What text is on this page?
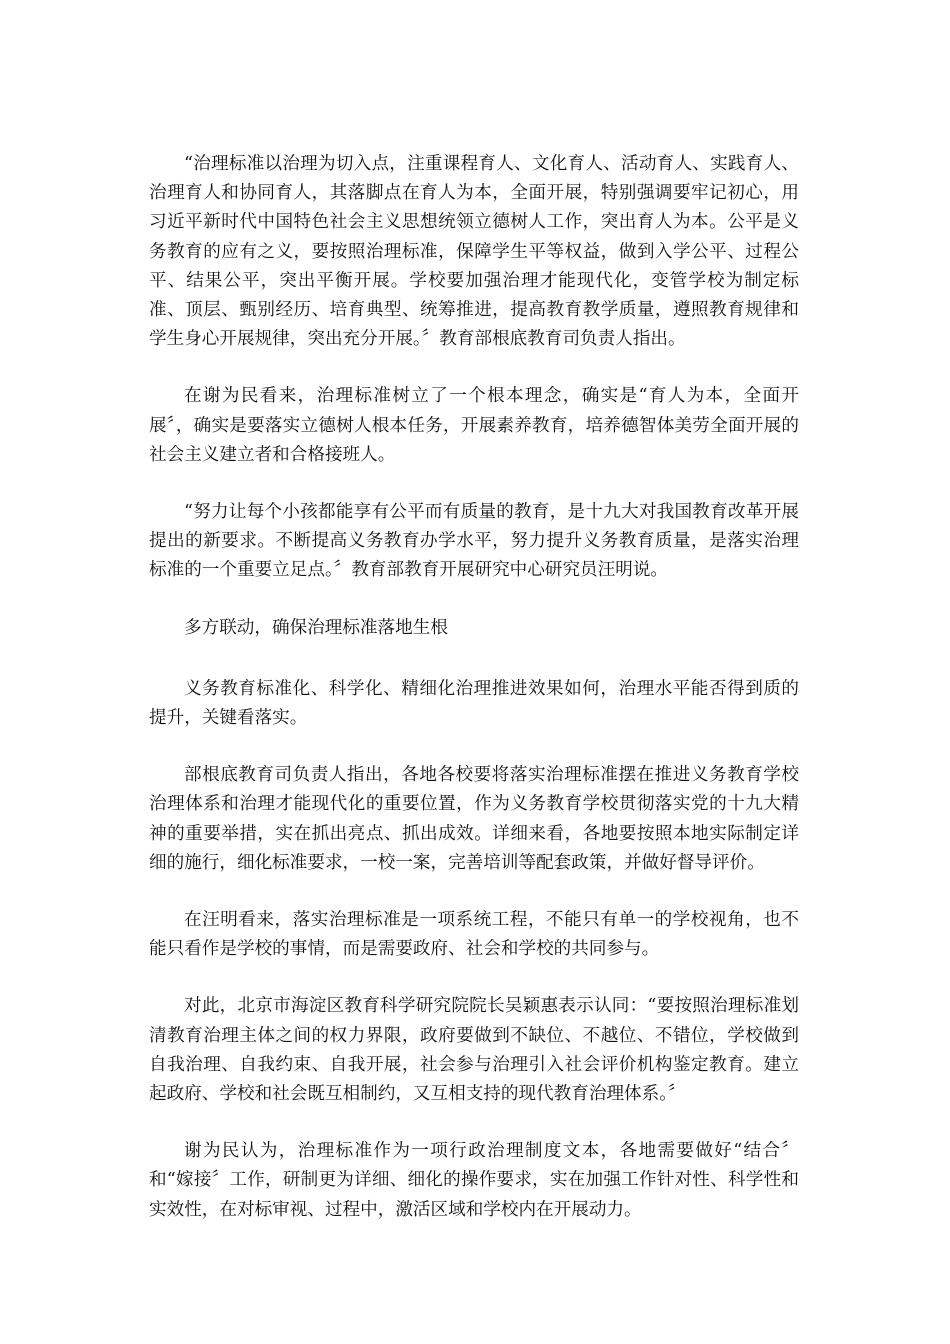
“治理标准以治理为切入点，注重课程育人、文化育人、活动育人、实践育人、治理育人和协同育人，其落脚点在育人为本，全面开展，特别强调要牢记初心，用习近平新时代中国特色社会主义思想统领立德树人工作，突出育人为本。公平是义务教育的应有之义，要按照治理标准，保障学生平等权益，做到入学公平、过程公平、结果公平，突出平衡开展。学校要加强治理才能现代化，变管学校为制定标准、顶层、甄别经历、培育典型、统筹推进，提高教育教学质量，遵照教育规律和学生身心开展规律，突出充分开展。〞教育部根底教育司负责人指出。

在谢为民看来，治理标准树立了一个根本理念，确实是“育人为本，全面开展〞，确实是要落实立德树人根本任务，开展素养教育，培养德智体美劳全面开展的社会主义建立者和合格接班人。

“努力让每个小孩都能享有公平而有质量的教育，是十九大对我国教育改革开展提出的新要求。不断提高义务教育办学水平，努力提升义务教育质量，是落实治理标准的一个重要立足点。〞教育部教育开展研究中心研究员汪明说。

多方联动，确保治理标准落地生根

义务教育标准化、科学化、精细化治理推进效果如何，治理水平能否得到质的提升，关键看落实。

部根底教育司负责人指出，各地各校要将落实治理标准摆在推进义务教育学校治理体系和治理才能现代化的重要位置，作为义务教育学校贯彻落实党的十九大精神的重要举措，实在抓出亮点、抓出成效。详细来看，各地要按照本地实际制定详细的施行，细化标准要求，一校一案，完善培训等配套政策，并做好督导评价。

在汪明看来，落实治理标准是一项系统工程，不能只有单一的学校视角，也不能只看作是学校的事情，而是需要政府、社会和学校的共同参与。

对此，北京市海淀区教育科学研究院院长吴颖惠表示认同：“要按照治理标准划清教育治理主体之间的权力界限，政府要做到不缺位、不越位、不错位，学校做到自我治理、自我约束、自我开展，社会参与治理引入社会评价机构鉴定教育。建立起政府、学校和社会既互相制约，又互相支持的现代教育治理体系。〞

谢为民认为，治理标准作为一项行政治理制度文本，各地需要做好“结合〞和“嫁接〞工作，研制更为详细、细化的操作要求，实在加强工作针对性、科学性和实效性，在对标审视、过程中，激活区域和学校内在开展动力。
